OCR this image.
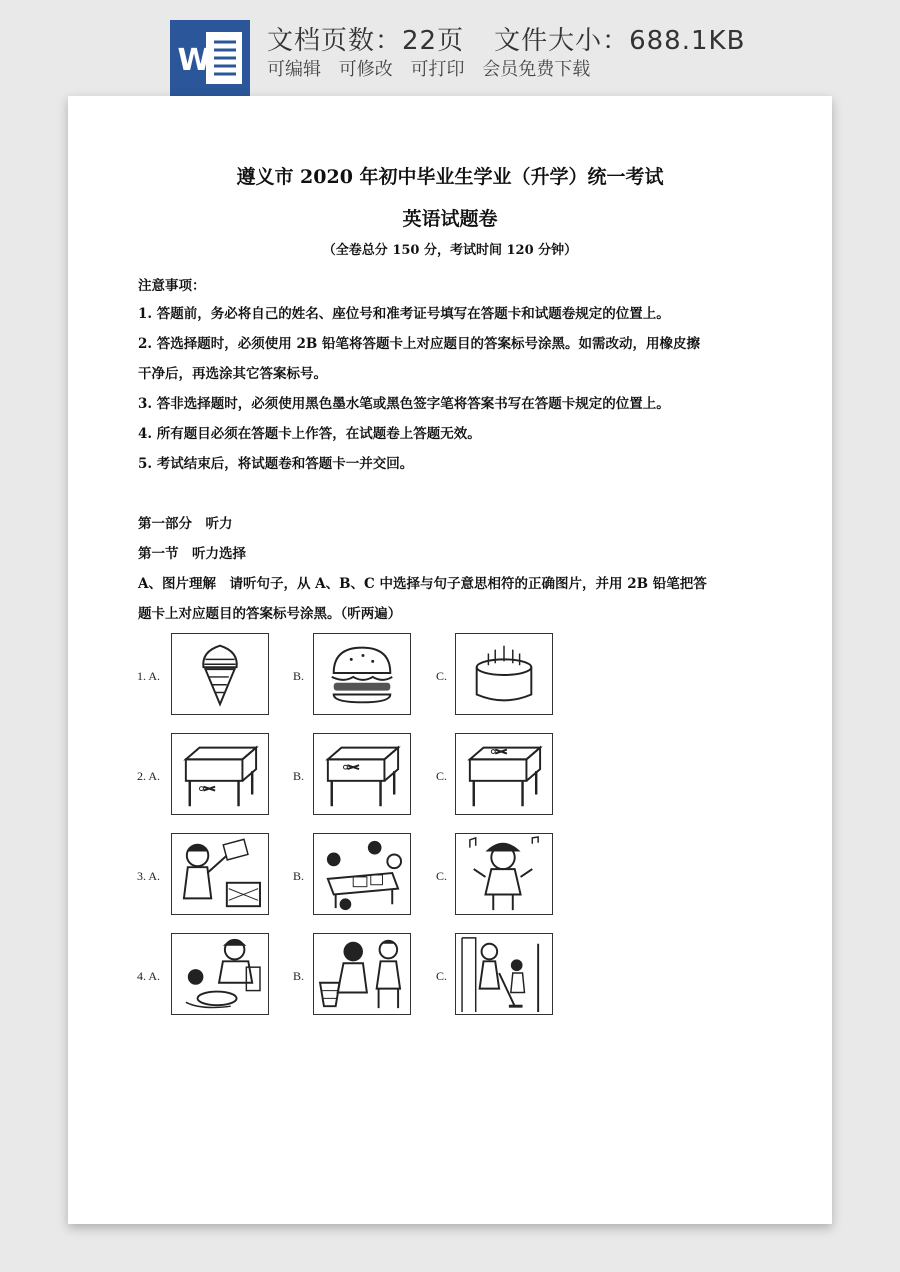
W
文档页数：22页 文件大小：688.1KB
可编辑 可修改 可打印 会员免费下载
遵义市 2020 年初中毕业生学业（升学）统一考试
英语试题卷
（全卷总分 150 分，考试时间 120 分钟）
注意事项：
1. 答题前，务必将自己的姓名、座位号和准考证号填写在答题卡和试题卷规定的位置上。
2. 答选择题时，必须使用 2B 铅笔将答题卡上对应题目的答案标号涂黑。如需改动，用橡皮擦
干净后，再选涂其它答案标号。
3. 答非选择题时，必须使用黑色墨水笔或黑色签字笔将答案书写在答题卡规定的位置上。
4. 所有题目必须在答题卡上作答，在试题卷上答题无效。
5. 考试结束后，将试题卷和答题卡一并交回。
第一部分　听力
第一节　听力选择
A、图片理解　请听句子，从 A、B、C 中选择与句子意思相符的正确图片，并用 2B 铅笔把答
题卡上对应题目的答案标号涂黑。（听两遍）
1. A.	B.	C.
2. A.	B.	C.
3. A.	B.	C.
4. A.	B.	C.
